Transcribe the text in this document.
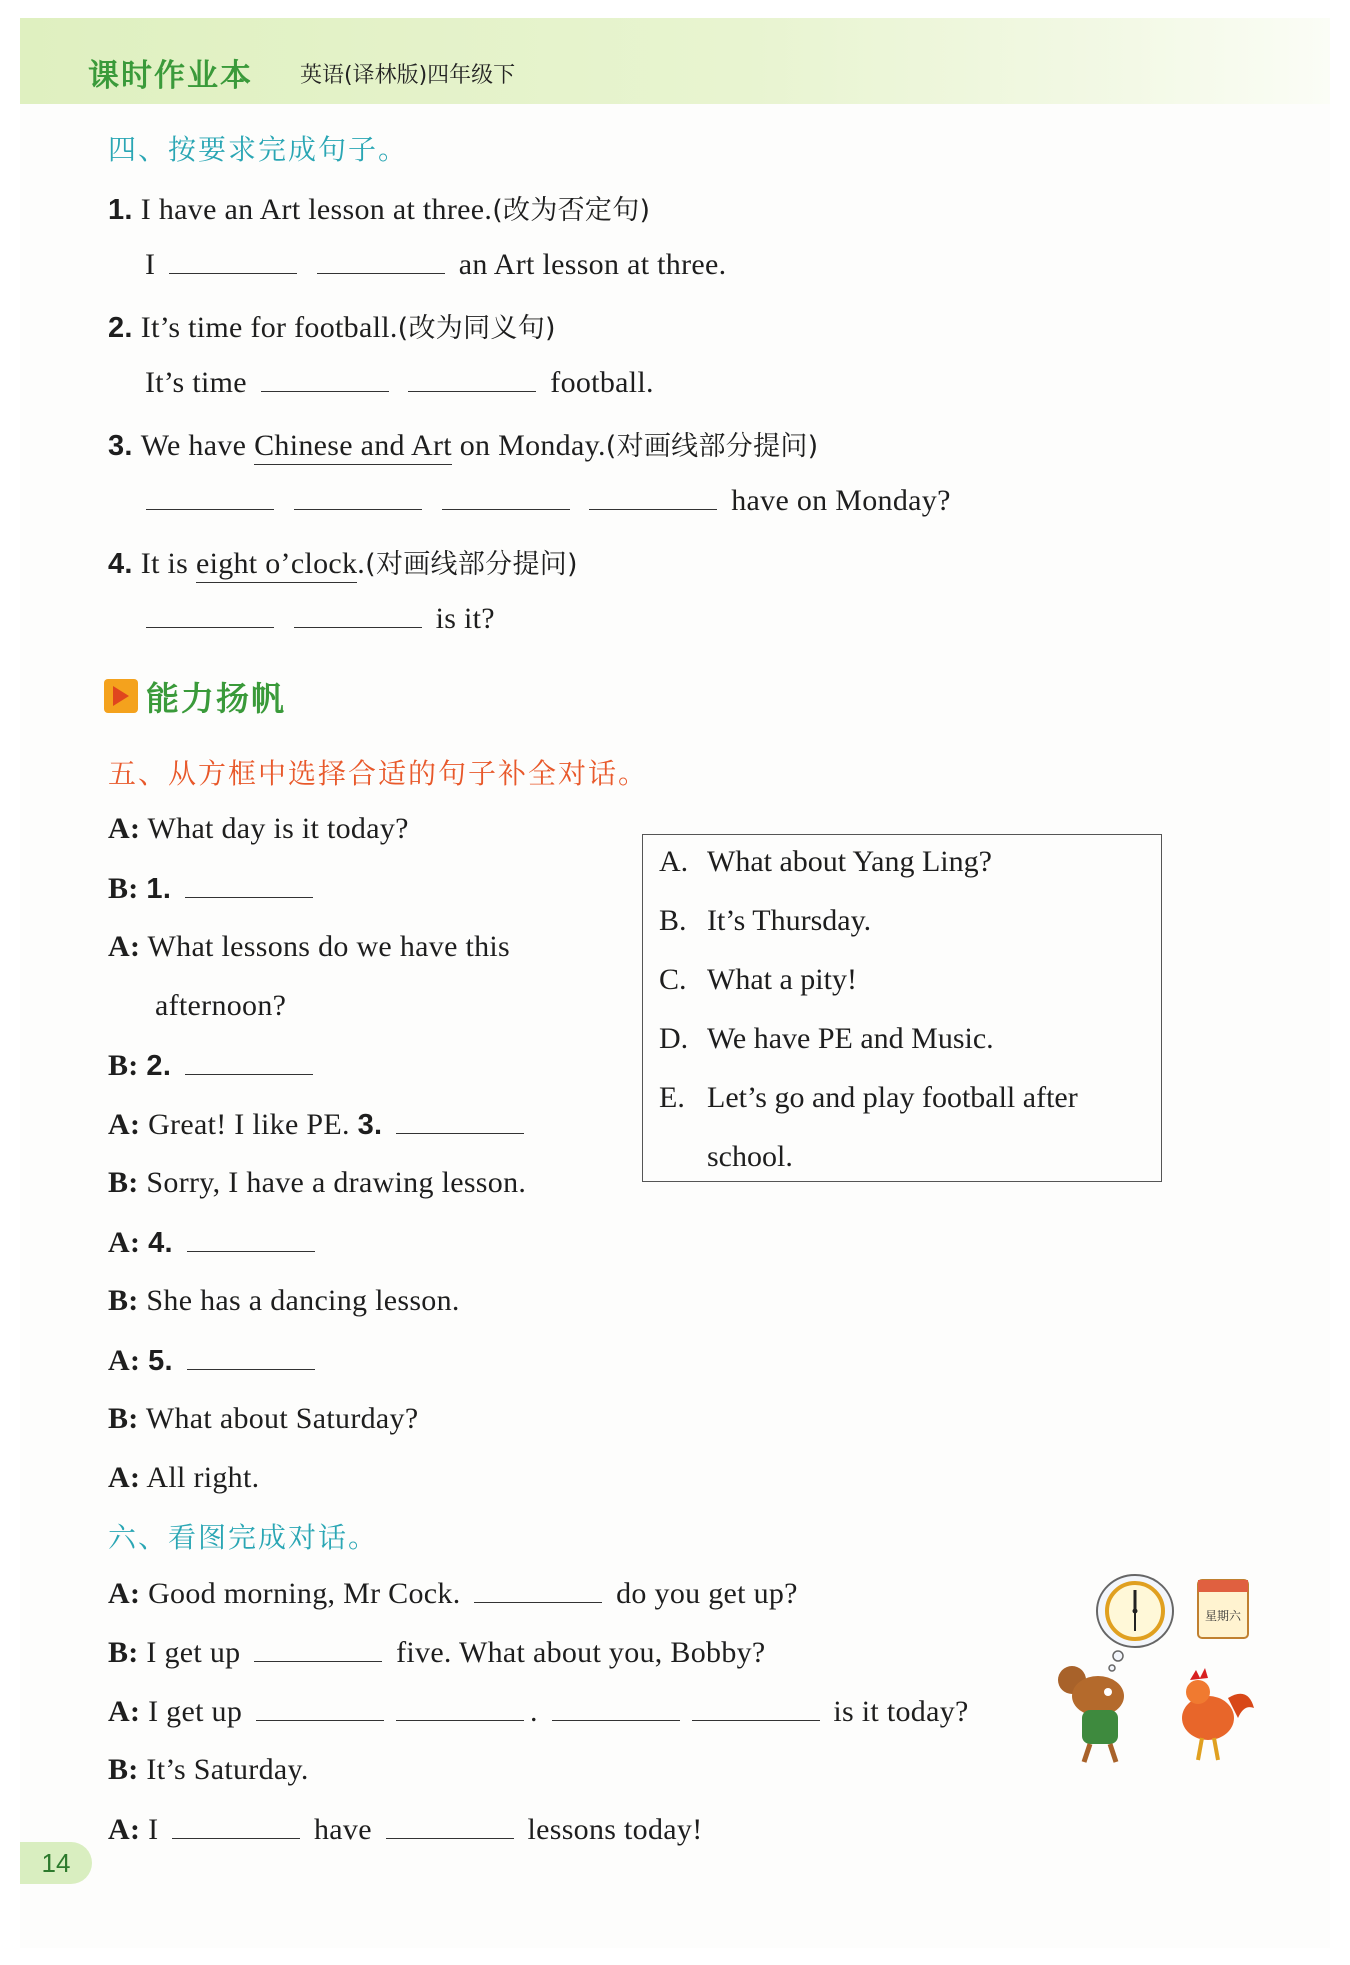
课时作业本 英语(译林版)四年级下
四、按要求完成句子。
1. I have an Art lesson at three.(改为否定句)
I	an Art lesson at three.
2. It’s time for football.(改为同义句)
It’s time	football.
3. We have Chinese and Art on Monday.(对画线部分提问)
have on Monday?
4. It is eight o’clock.(对画线部分提问)
is it?
能力扬帆
五、从方框中选择合适的句子补全对话。
A: What day is it today?
B: 1.
A: What lessons do we have this
afternoon?
B: 2.
A: Great! I like PE. 3.
B: Sorry, I have a drawing lesson.
A: 4.
B: She has a dancing lesson.
A: 5.
B: What about Saturday?
A: All right.
A. What about Yang Ling?
B. It’s Thursday.
C. What a pity!
D. We have PE and Music.
E. Let’s go and play football after
school.
六、看图完成对话。
A: Good morning, Mr Cock.	do you get up?
B: I get up	five. What about you, Bobby?
A: I get up	.	is it today?
B: It’s Saturday.
A: I	have	lessons today!
星期六
14
